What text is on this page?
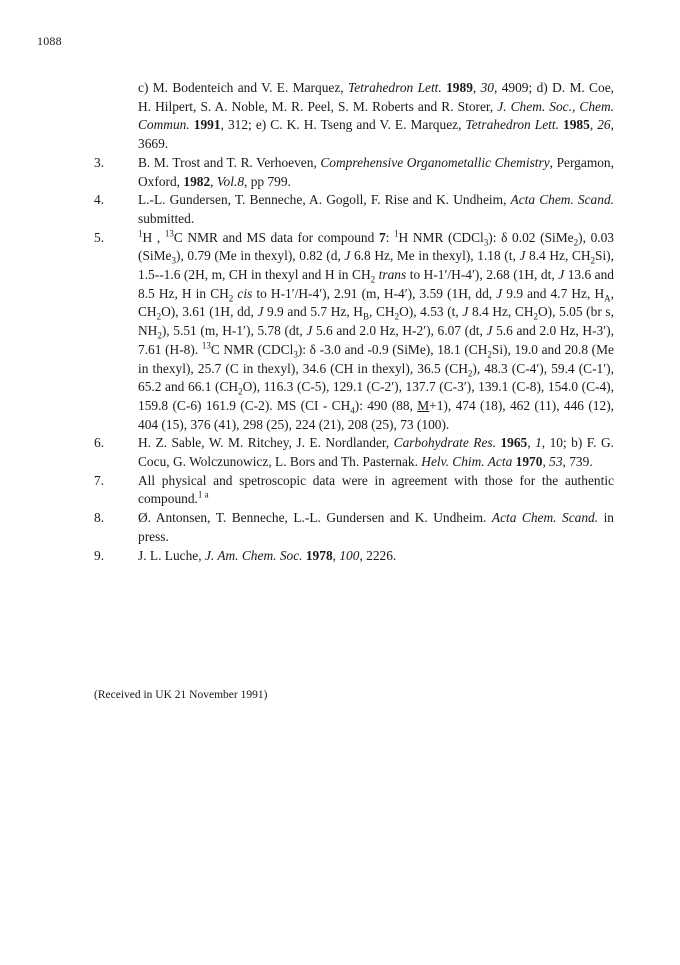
1088

c) M. Bodenteich and V. E. Marquez, Tetrahedron Lett. 1989, 30, 4909; d) D. M. Coe, H. Hilpert, S. A. Noble, M. R. Peel, S. M. Roberts and R. Storer, J. Chem. Soc., Chem. Commun. 1991, 312; e) C. K. H. Tseng and V. E. Marquez, Tetrahedron Lett. 1985, 26, 3669.

3.	B. M. Trost and T. R. Verhoeven, Comprehensive Organometallic Chemistry, Pergamon, Oxford, 1982, Vol.8, pp 799.

4.	L.-L. Gundersen, T. Benneche, A. Gogoll, F. Rise and K. Undheim, Acta Chem. Scand. submitted.

5.	$^1$H , $^{13}$C NMR and MS data for compound 7: $^1$H NMR (CDCl$_3$): δ 0.02 (SiMe$_2$), 0.03 (SiMe$_3$), 0.79 (Me in thexyl), 0.82 (d, J 6.8 Hz, Me in thexyl), 1.18 (t, J 8.4 Hz, $CH_2Si$), 1.5--1.6 (2H, m, CH in thexyl and H in $CH_2$ trans to H-1′/H-4′), 2.68 (1H, dt, J 13.6 and 8.5 Hz, H in $CH_2$ cis to H-1′/H-4′), 2.91 (m, H-4′), 3.59 (1H, dd, J 9.9 and 4.7 Hz, $H_A$, $CH_2O$), 3.61 (1H, dd, J 9.9 and 5.7 Hz, $H_B$, $CH_2O$), 4.53 (t, J 8.4 Hz, $CH_2O$), 5.05 (br s, $NH_2$), 5.51 (m, H-1′), 5.78 (dt, J 5.6 and 2.0 Hz, H-2′), 6.07 (dt, J 5.6 and 2.0 Hz, H-3′), 7.61 (H-8). $^{13}$C NMR (CDCl$_3$): δ -3.0 and -0.9 (SiMe), 18.1 $(CH_2Si)$, 19.0 and 20.8 (Me in thexyl), 25.7 (C in thexyl), 34.6 (CH in thexyl), 36.5 $(CH_2)$, 48.3 (C-4′), 59.4 (C-1′), 65.2 and 66.1 $(CH_2O)$, 116.3 (C-5), 129.1 (C-2′), 137.7 (C-3′), 139.1 (C-8), 154.0 (C-4), 159.8 (C-6) 161.9 (C-2). MS $(CI - CH_4)$: 490 (88, M+1), 474 (18), 462 (11), 446 (12), 404 (15), 376 (41), 298 (25), 224 (21), 208 (25), 73 (100).

6.	H. Z. Sable, W. M. Ritchey, J. E. Nordlander, Carbohydrate Res. 1965, 1, 10; b) F. G. Cocu, G. Wolczunowicz, L. Bors and Th. Pasternak. Helv. Chim. Acta 1970, 53, 739.

7.	All physical and spetroscopic data were in agreement with those for the authentic compound.$^{1 a}$

8.	Ø. Antonsen, T. Benneche, L.-L. Gundersen and K. Undheim. Acta Chem. Scand. in press.

9.	J. L. Luche, J. Am. Chem. Soc. 1978, 100, 2226.

(Received in UK 21 November 1991)
